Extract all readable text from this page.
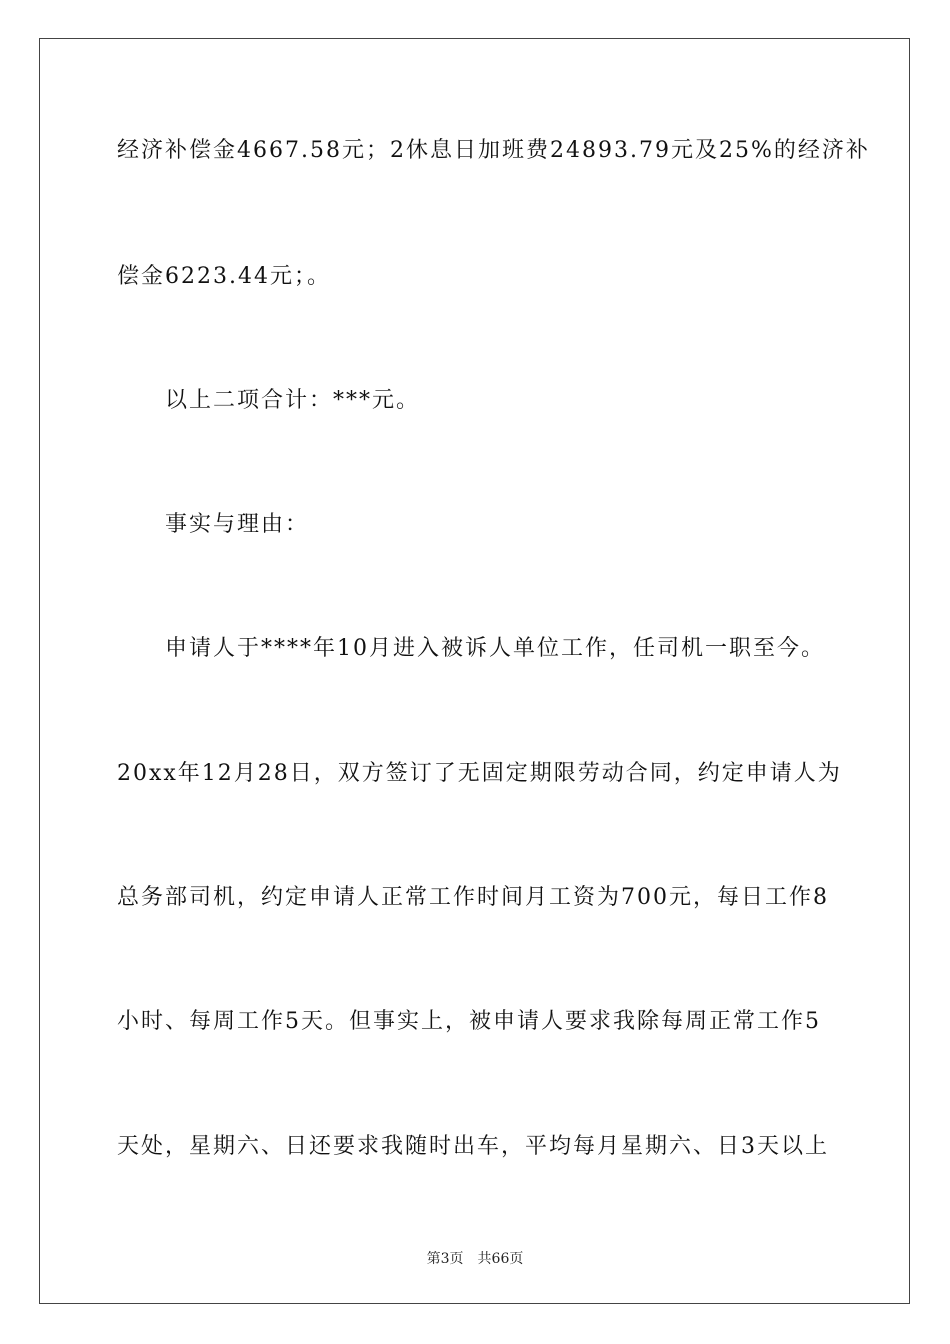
经济补偿金4667.58元；2休息日加班费24893.79元及25%的经济补
偿金6223.44元；。
以上二项合计：***元。
事实与理由：
申请人于****年10月进入被诉人单位工作，任司机一职至今。
20xx年12月28日，双方签订了无固定期限劳动合同，约定申请人为
总务部司机，约定申请人正常工作时间月工资为700元，每日工作8
小时、每周工作5天。但事实上，被申请人要求我除每周正常工作5
天处，星期六、日还要求我随时出车，平均每月星期六、日3天以上
第3页 共66页
